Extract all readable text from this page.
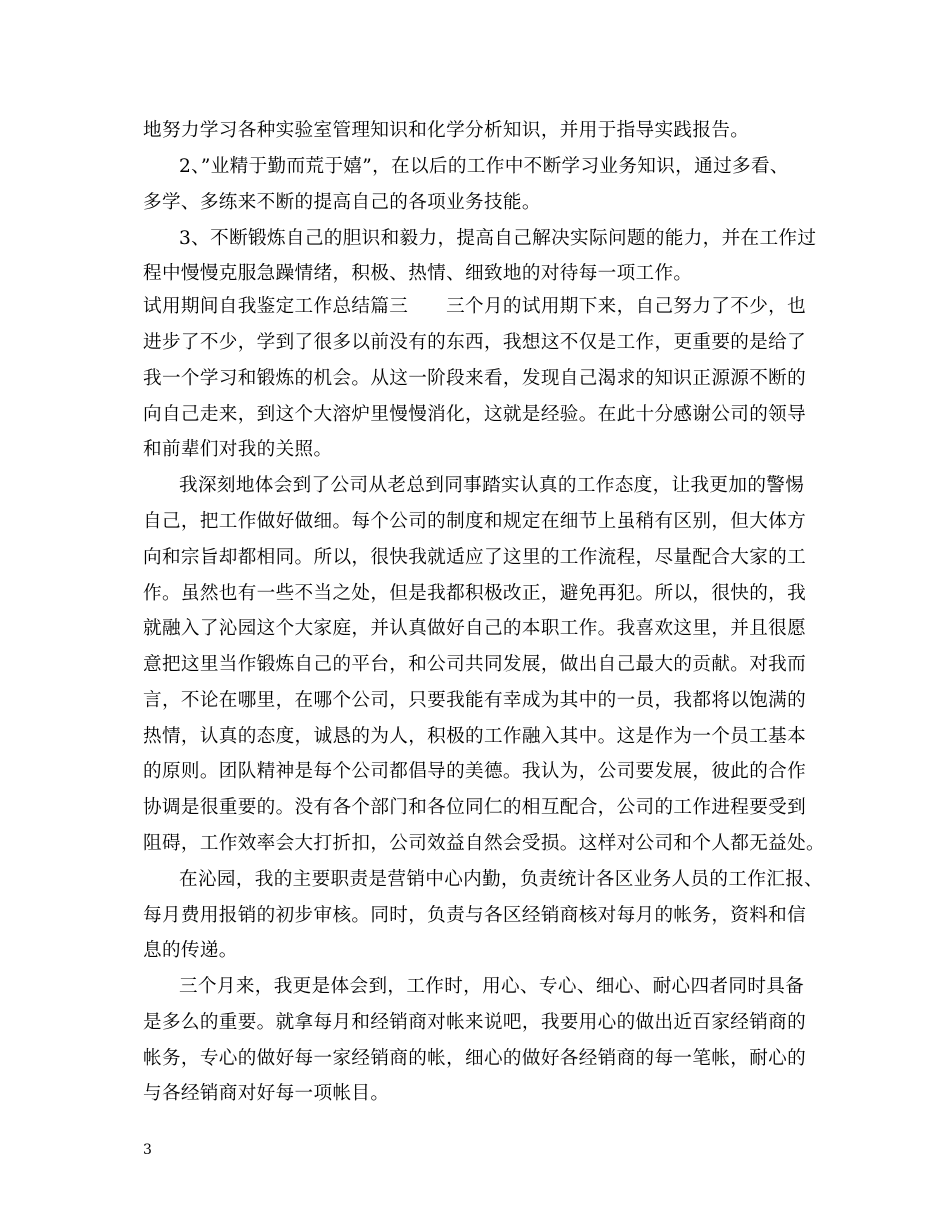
地努力学习各种实验室管理知识和化学分析知识，并用于指导实践报告。
2、”业精于勤而荒于嬉”，在以后的工作中不断学习业务知识，通过多看、
多学、多练来不断的提高自己的各项业务技能。
3、不断锻炼自己的胆识和毅力，提高自己解决实际问题的能力，并在工作过
程中慢慢克服急躁情绪，积极、热情、细致地的对待每一项工作。
试用期间自我鉴定工作总结篇三　　三个月的试用期下来，自己努力了不少，也
进步了不少，学到了很多以前没有的东西，我想这不仅是工作，更重要的是给了
我一个学习和锻炼的机会。从这一阶段来看，发现自己渴求的知识正源源不断的
向自己走来，到这个大溶炉里慢慢消化，这就是经验。在此十分感谢公司的领导
和前辈们对我的关照。
我深刻地体会到了公司从老总到同事踏实认真的工作态度，让我更加的警惕
自己，把工作做好做细。每个公司的制度和规定在细节上虽稍有区别，但大体方
向和宗旨却都相同。所以，很快我就适应了这里的工作流程，尽量配合大家的工
作。虽然也有一些不当之处，但是我都积极改正，避免再犯。所以，很快的，我
就融入了沁园这个大家庭，并认真做好自己的本职工作。我喜欢这里，并且很愿
意把这里当作锻炼自己的平台，和公司共同发展，做出自己最大的贡献。对我而
言，不论在哪里，在哪个公司，只要我能有幸成为其中的一员，我都将以饱满的
热情，认真的态度，诚恳的为人，积极的工作融入其中。这是作为一个员工基本
的原则。团队精神是每个公司都倡导的美德。我认为，公司要发展，彼此的合作
协调是很重要的。没有各个部门和各位同仁的相互配合，公司的工作进程要受到
阻碍，工作效率会大打折扣，公司效益自然会受损。这样对公司和个人都无益处。
在沁园，我的主要职责是营销中心内勤，负责统计各区业务人员的工作汇报、
每月费用报销的初步审核。同时，负责与各区经销商核对每月的帐务，资料和信
息的传递。
三个月来，我更是体会到，工作时，用心、专心、细心、耐心四者同时具备
是多么的重要。就拿每月和经销商对帐来说吧，我要用心的做出近百家经销商的
帐务，专心的做好每一家经销商的帐，细心的做好各经销商的每一笔帐，耐心的
与各经销商对好每一项帐目。
3
